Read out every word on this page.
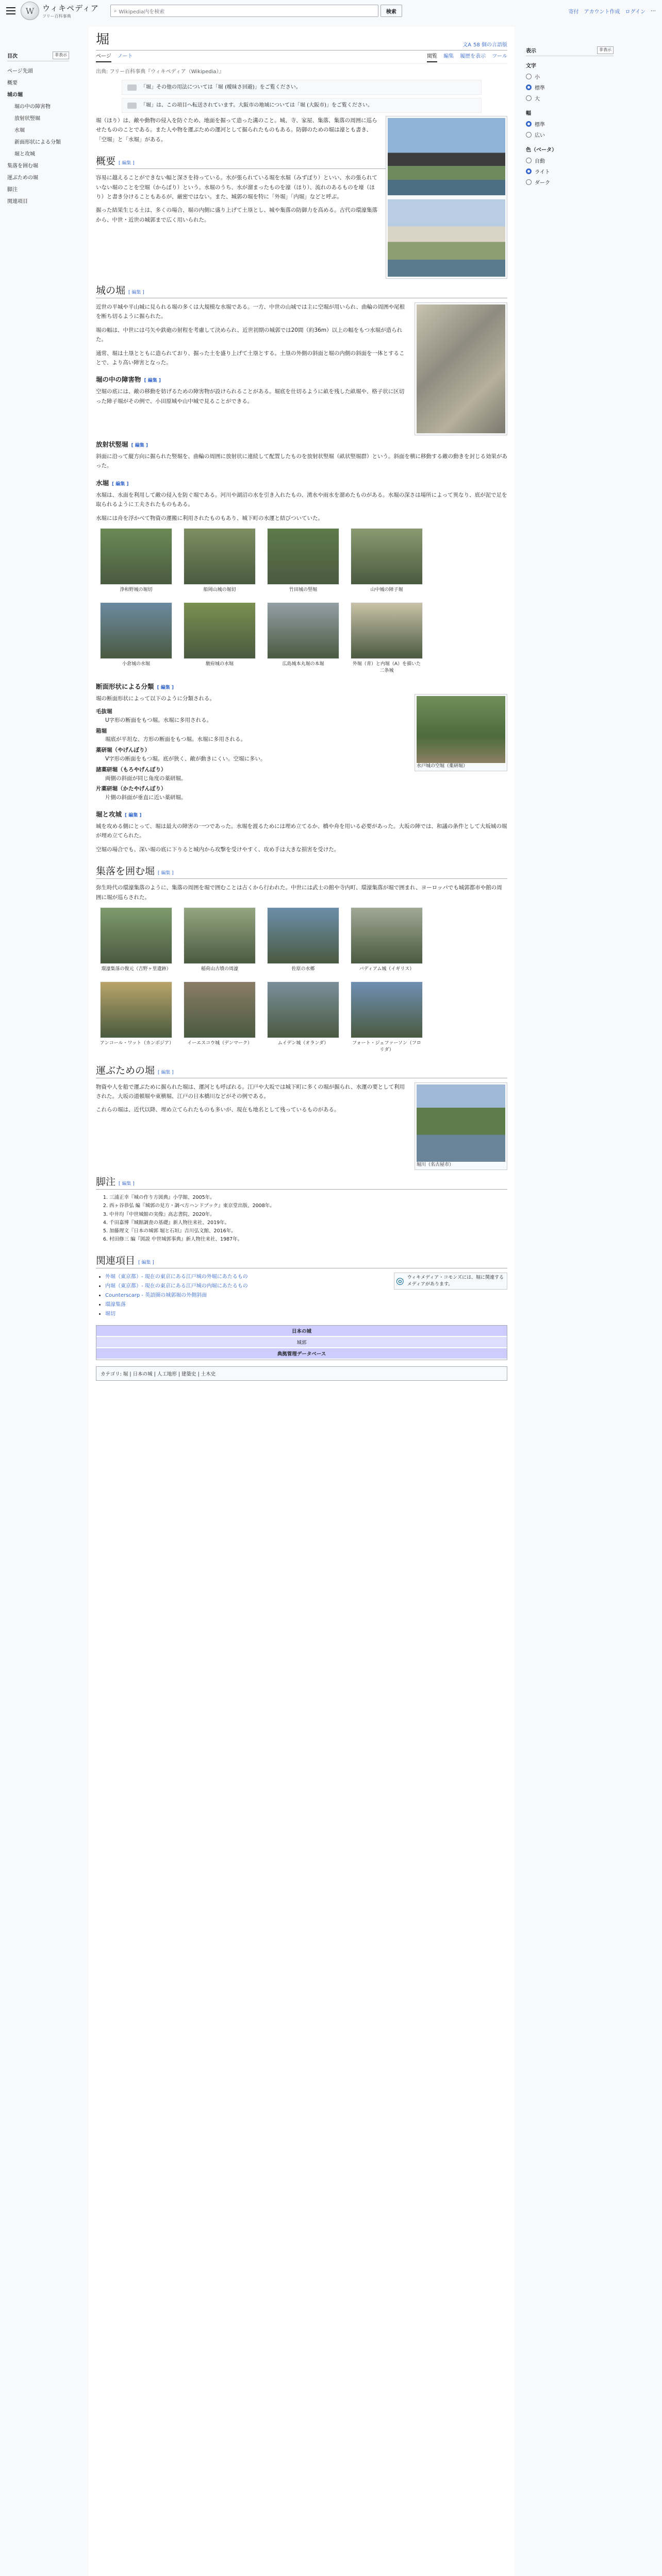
W	ウィキペディア
フリー百科事典
⌕ Wikipedia内を検索	検索	寄付 アカウント作成 ログイン ⋯
目次	非表示
ページ先頭
概要
城の堀
堀の中の障害物
放射状竪堀
水堀
新面形状による分類
堀と攻城
集落を囲む堀
運ぶための堀
脚注
関連項目
堀	文A 58 個の言語版
ページ ノート	閲覧 編集 履歴を表示 ツール
出典: フリー百科事典『ウィキペディア（Wikipedia）』
「堀」その他の用法については「堀 (曖昧さ回避)」をご覧ください。
「堀」は、この項目へ転送されています。大阪市の地域については「堀 (大阪市)」をご覧ください。

堀（ほり）は、敵や動物の侵入を防ぐため、地面を掘って造った溝のこと。城、寺、家屋、集落、集落の周囲に巡らせたもののことである。また人や物を運ぶための運河として掘られたものもある。防御のための堀は濠とも書き、「空堀」と「水堀」がある。

概要 [ 編集 ]

容易に越えることができない幅と深さを持っている。水が張られている堀を水堀（みずぼり）といい、水の張られていない堀のことを空堀（からぼり）という。水堀のうち、水が溜まったものを濠（ほり）、流れのあるものを壕（ほり）と書き分けることもあるが、厳密ではない。また、城郭の堀を特に「外堀」「内堀」などと呼ぶ。

掘った結果生じる土は、多くの場合、堀の内側に盛り上げて土塁とし、城や集落の防御力を高める。古代の環濠集落から、中世・近世の城郭まで広く用いられた。

城の堀 [ 編集 ]

近世の平城や平山城に見られる堀の多くは大規模な水堀である。一方、中世の山城では主に空堀が用いられ、曲輪の周囲や尾根を断ち切るように掘られた。

堀の幅は、中世には弓矢や鉄砲の射程を考慮して決められ、近世初期の城郭では20間（約36m）以上の幅をもつ水堀が造られた。

通常、堀は土塁とともに造られており、掘った土を盛り上げて土塁とする。土塁の外側の斜面と堀の内側の斜面を一体とすることで、より高い障害となった。

堀の中の障害物 [ 編集 ]

空堀の底には、敵の移動を妨げるための障害物が設けられることがある。堀底を仕切るように畝を残した畝堀や、格子状に区切った障子堀がその例で、小田原城や山中城で見ることができる。

放射状竪堀 [ 編集 ]

斜面に沿って縦方向に掘られた竪堀を、曲輪の周囲に放射状に連続して配置したものを放射状竪堀（畝状竪堀群）という。斜面を横に移動する敵の動きを封じる効果があった。

水堀 [ 編集 ]

水堀は、水面を利用して敵の侵入を防ぐ堀である。河川や湖沼の水を引き入れたもの、湧水や雨水を溜めたものがある。水堀の深さは場所によって異なり、底が泥で足を取られるように工夫されたものもある。

水堀には舟を浮かべて物資の運搬に利用されたものもあり、城下町の水運と結びついていた。

浄和野城の堀切	船岡山城の堀切	竹田城の竪堀	山中城の障子堀
小倉城の水堀	駿府城の水堀	広島城本丸堀の本堀	外堀（青）と内堀（A）を描いた二条城
断面形状による分類 [ 編集 ]
水戸城の空堀（薬研堀）

堀の断面形状によって以下のように分類される。

毛抜堀
U字形の断面をもつ堀。水堀に多用される。
箱堀
堀底が平坦な、方形の断面をもつ堀。水堀に多用される。
薬研堀（やげんぼり）
V字形の断面をもつ堀。底が狭く、敵が動きにくい。空堀に多い。
諸薬研堀（もろやげんぼり）
両側の斜面が同じ角度の薬研堀。
片薬研堀（かたやげんぼり）
片側の斜面が垂直に近い薬研堀。
堀と攻城 [ 編集 ]

城を攻める側にとって、堀は最大の障害の一つであった。水堀を渡るためには埋め立てるか、橋や舟を用いる必要があった。大坂の陣では、和議の条件として大坂城の堀が埋め立てられた。

空堀の場合でも、深い堀の底に下りると城内から攻撃を受けやすく、攻め手は大きな損害を受けた。

集落を囲む堀 [ 編集 ]

弥生時代の環濠集落のように、集落の周囲を堀で囲むことは古くから行われた。中世には武士の館や寺内町、環濠集落が堀で囲まれ、ヨーロッパでも城郭都市や館の周囲に堀が巡らされた。

環濠集落の復元（吉野ヶ里遺跡）	稲荷山古墳の周濠	佐原の水郷	バディアム城（イギリス）
アンコール・ワット（カンボジア）	イーエスコウ城（デンマーク）	ムイデン城（オランダ）	フォート・ジェファーソン（フロリダ）
運ぶための堀 [ 編集 ]
堀川（名古屋市）

物資や人を船で運ぶために掘られた堀は、運河とも呼ばれる。江戸や大坂では城下町に多くの堀が掘られ、水運の要として利用された。大坂の道頓堀や東横堀、江戸の日本橋川などがその例である。

これらの堀は、近代以降、埋め立てられたものも多いが、現在も地名として残っているものがある。

脚注 [ 編集 ]
1. 三浦正幸『城の作り方図典』小学館、2005年。
2. 西ヶ谷恭弘 編『城郭の見方・調べ方ハンドブック』東京堂出版、2008年。
3. 中井均『中世城館の実像』高志書院、2020年。
4. 千田嘉博『城館調査の基礎』新人物往来社、2019年。
5. 加藤理文『日本の城郭 堀と石垣』吉川弘文館、2016年。
6. 村田修三 編『図説 中世城郭事典』新人物往来社、1987年。
関連項目 [ 編集 ]
◎ ウィキメディア・コモンズには、堀に関連するメディアがあります。
• 外堀（東京都）- 現在の東京にある江戸城の外堀にあたるもの
• 内堀（東京都）- 現在の東京にある江戸城の内堀にあたるもの
• Counterscarp - 英語圏の城郭堀の外側斜面
• 環濠集落
• 堀切
日本の城
城郭
典拠管理データベース
カテゴリ: 堀 | 日本の城 | 人工地形 | 建築史 | 土木史
表示	非表示
文字
小
標準
大
幅
標準
広い
色（ベータ）
自動
ライト
ダーク
